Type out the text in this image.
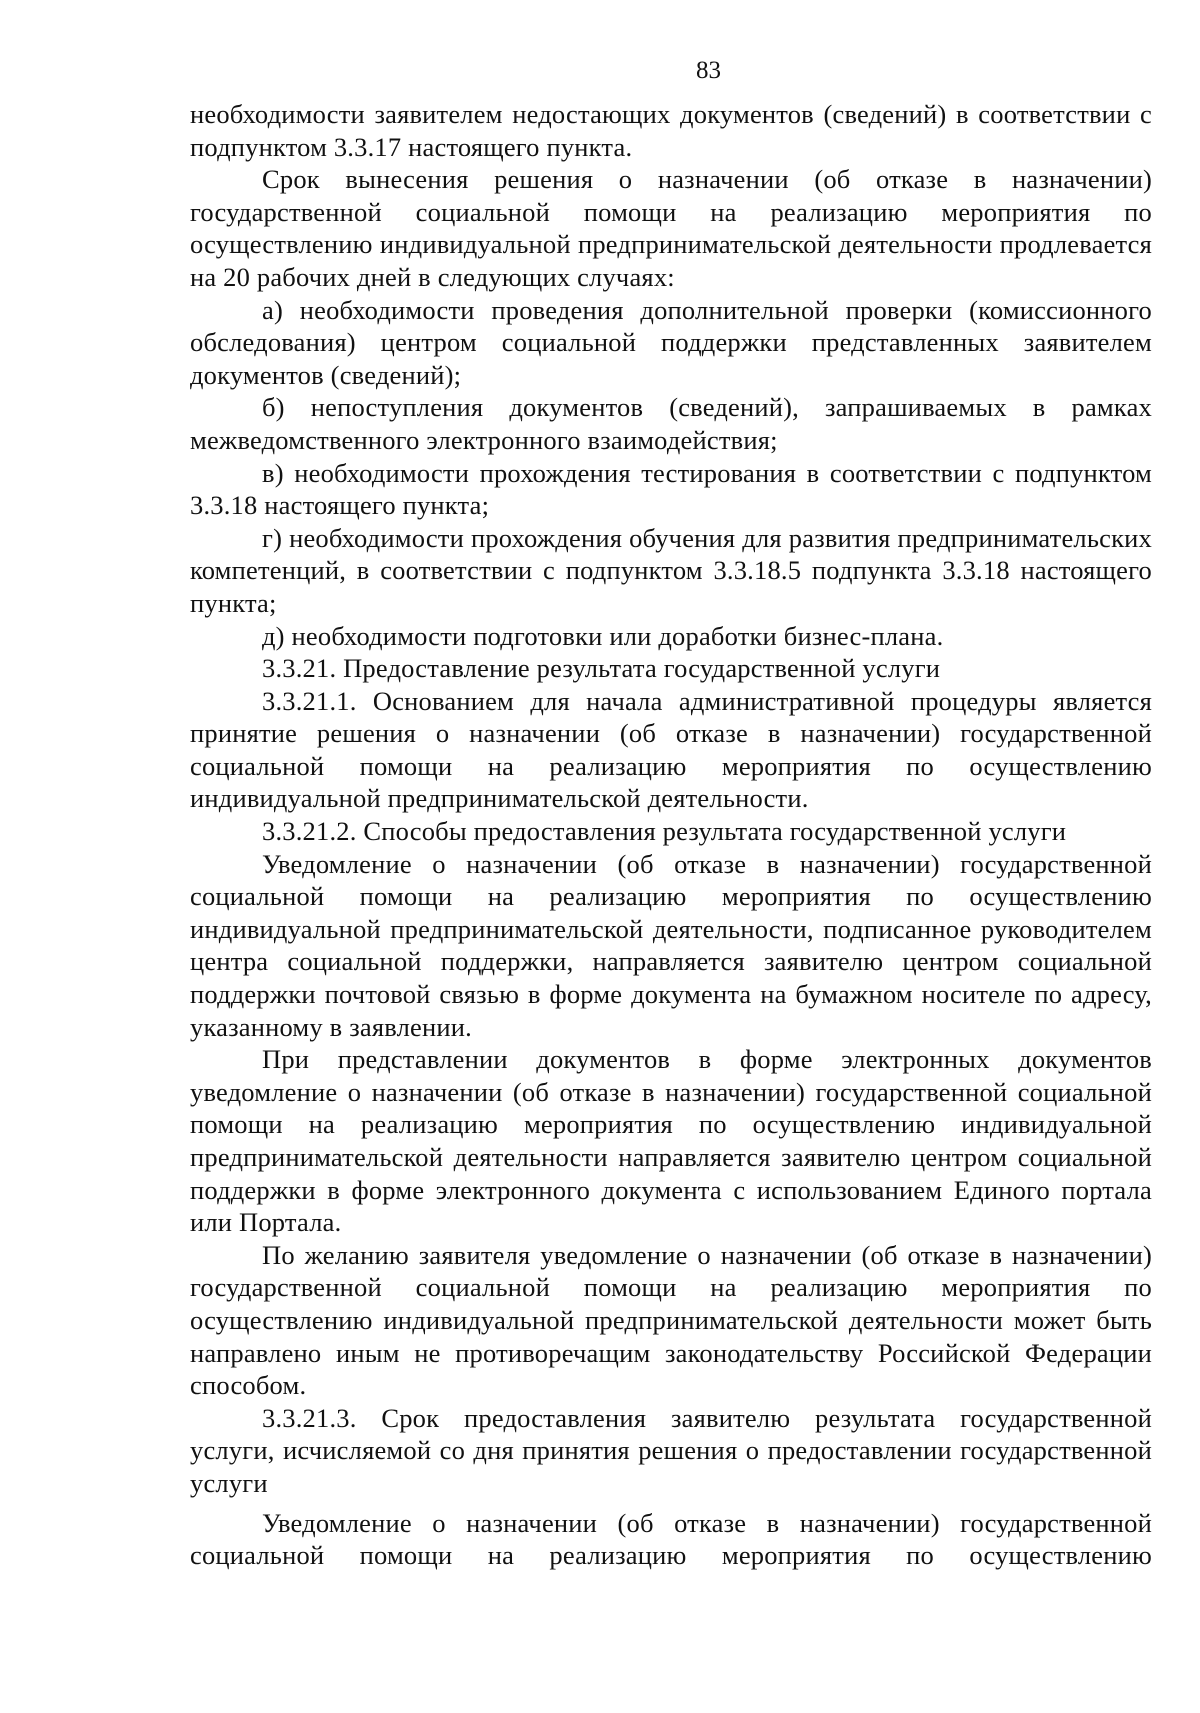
83

необходимости заявителем недостающих документов (сведений) в соответствии с подпунктом 3.3.17 настоящего пункта.

Срок вынесения решения о назначении (об отказе в назначении) государственной социальной помощи на реализацию мероприятия по осуществлению индивидуальной предпринимательской деятельности продлевается на 20 рабочих дней в следующих случаях:

а) необходимости проведения дополнительной проверки (комиссионного обследования) центром социальной поддержки представленных заявителем документов (сведений);

б) непоступления документов (сведений), запрашиваемых в рамках межведомственного электронного взаимодействия;

в) необходимости прохождения тестирования в соответствии с подпунктом 3.3.18 настоящего пункта;

г) необходимости прохождения обучения для развития предпринимательских компетенций, в соответствии с подпунктом 3.3.18.5 подпункта 3.3.18 настоящего пункта;

д) необходимости подготовки или доработки бизнес-плана.

3.3.21. Предоставление результата государственной услуги

3.3.21.1. Основанием для начала административной процедуры является принятие решения о назначении (об отказе в назначении) государственной социальной помощи на реализацию мероприятия по осуществлению индивидуальной предпринимательской деятельности.

3.3.21.2. Способы предоставления результата государственной услуги

Уведомление о назначении (об отказе в назначении) государственной социальной помощи на реализацию мероприятия по осуществлению индивидуальной предпринимательской деятельности, подписанное руководителем центра социальной поддержки, направляется заявителю центром социальной поддержки почтовой связью в форме документа на бумажном носителе по адресу, указанному в заявлении.

При представлении документов в форме электронных документов уведомление о назначении (об отказе в назначении) государственной социальной помощи на реализацию мероприятия по осуществлению индивидуальной предпринимательской деятельности направляется заявителю центром социальной поддержки в форме электронного документа с использованием Единого портала или Портала.

По желанию заявителя уведомление о назначении (об отказе в назначении) государственной социальной помощи на реализацию мероприятия по осуществлению индивидуальной предпринимательской деятельности может быть направлено иным не противоречащим законодательству Российской Федерации способом.

3.3.21.3. Срок предоставления заявителю результата государственной услуги, исчисляемой со дня принятия решения о предоставлении государственной услуги

Уведомление о назначении (об отказе в назначении) государственной социальной помощи на реализацию мероприятия по осуществлению
